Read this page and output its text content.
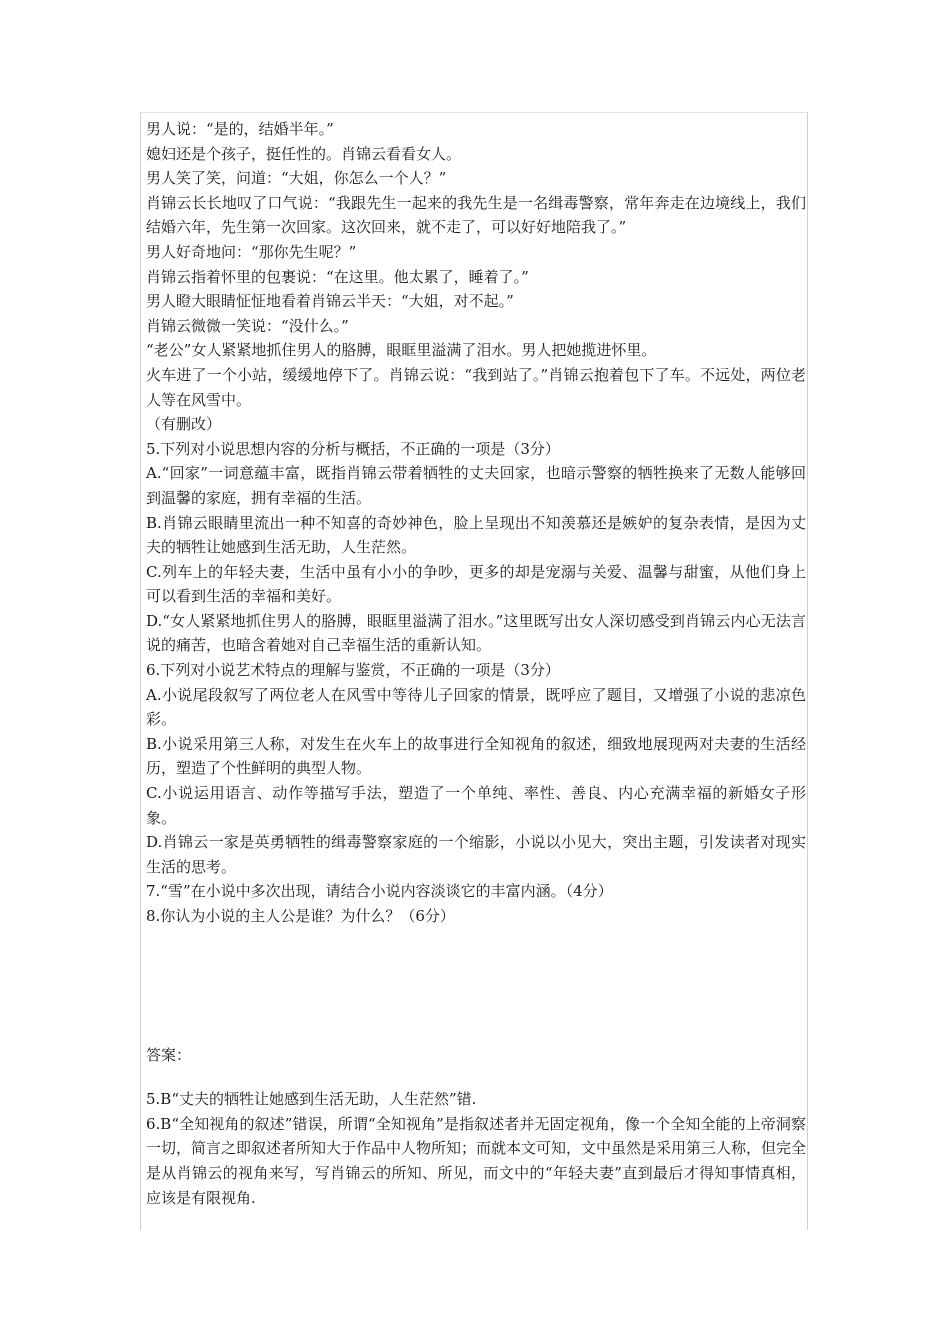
男人说：“是的，结婚半年。”

媳妇还是个孩子，挺任性的。肖锦云看看女人。

男人笑了笑，问道：“大姐，你怎么一个人？”

肖锦云长长地叹了口气说：“我跟先生一起来的我先生是一名缉毒警察，常年奔走在边境线上，我们结婚六年，先生第一次回家。这次回来，就不走了，可以好好地陪我了。”

男人好奇地问：“那你先生呢？”

肖锦云指着怀里的包裹说：“在这里。他太累了，睡着了。”

男人瞪大眼睛怔怔地看着肖锦云半天：“大姐，对不起。”

肖锦云微微一笑说：“没什么。”

“老公”女人紧紧地抓住男人的胳膊，眼眶里溢满了泪水。男人把她揽进怀里。

火车进了一个小站，缓缓地停下了。肖锦云说：“我到站了。”肖锦云抱着包下了车。不远处，两位老人等在风雪中。

（有删改）

5.下列对小说思想内容的分析与概括，不正确的一项是（3分）

A.“回家”一词意蕴丰富，既指肖锦云带着牺牲的丈夫回家，也暗示警察的牺牲换来了无数人能够回到温馨的家庭，拥有幸福的生活。

B.肖锦云眼睛里流出一种不知喜的奇妙神色，脸上呈现出不知羡慕还是嫉妒的复杂表情，是因为丈夫的牺牲让她感到生活无助，人生茫然。

C.列车上的年轻夫妻，生活中虽有小小的争吵，更多的却是宠溺与关爱、温馨与甜蜜，从他们身上可以看到生活的幸福和美好。

D.“女人紧紧地抓住男人的胳膊，眼眶里溢满了泪水。”这里既写出女人深切感受到肖锦云内心无法言说的痛苦，也暗含着她对自己幸福生活的重新认知。

6.下列对小说艺术特点的理解与鉴赏，不正确的一项是（3分）

A.小说尾段叙写了两位老人在风雪中等待儿子回家的情景，既呼应了题目，又增强了小说的悲凉色彩。

B.小说采用第三人称，对发生在火车上的故事进行全知视角的叙述，细致地展现两对夫妻的生活经历，塑造了个性鲜明的典型人物。

C.小说运用语言、动作等描写手法，塑造了一个单纯、率性、善良、内心充满幸福的新婚女子形象。

D.肖锦云一家是英勇牺牲的缉毒警察家庭的一个缩影，小说以小见大，突出主题，引发读者对现实生活的思考。

7.“雪”在小说中多次出现，请结合小说内容淡谈它的丰富内涵。（4分）

8.你认为小说的主人公是谁？为什么？（6分）

答案：

5.B“丈夫的牺牲让她感到生活无助，人生茫然”错.

6.B“全知视角的叙述”错误，所谓“全知视角”是指叙述者并无固定视角，像一个全知全能的上帝洞察一切，简言之即叙述者所知大于作品中人物所知；而就本文可知，文中虽然是采用第三人称，但完全是从肖锦云的视角来写，写肖锦云的所知、所见，而文中的“年轻夫妻”直到最后才得知事情真相，应该是有限视角.
